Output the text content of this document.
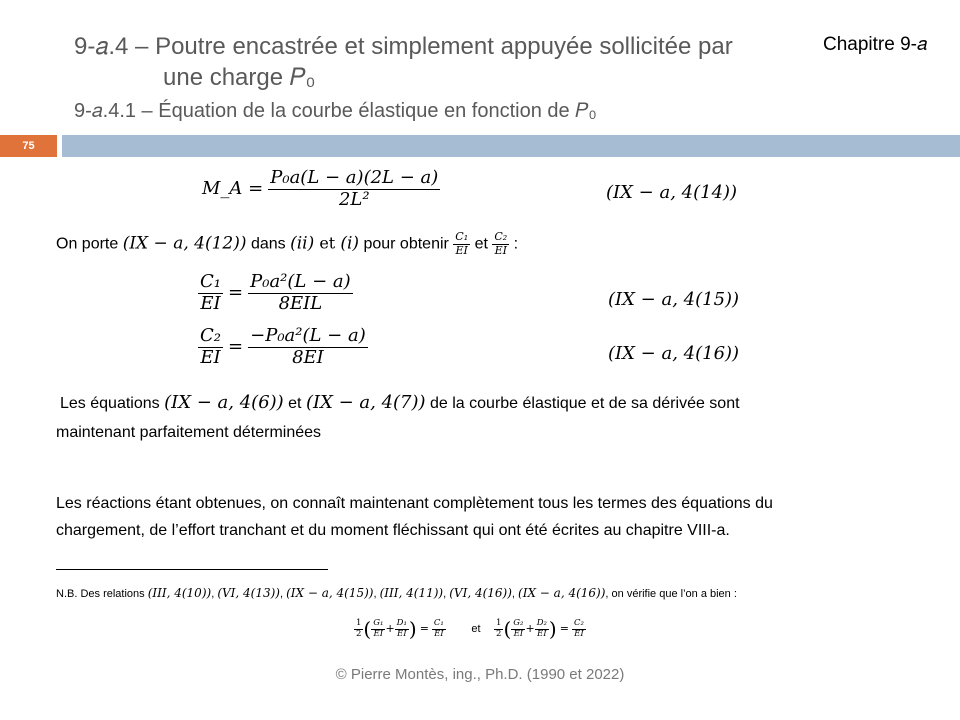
9-𝑎.4 – Poutre encastrée et simplement appuyée sollicitée par
une charge 𝑃₀
9-𝑎.4.1 – Équation de la courbe élastique en fonction de 𝑃₀
Chapitre 9-𝑎
75
M_A = $\frac{\text{P₀a(L − a)(2L − a)}}{\text{2L²}}$	(IX − a, 4(14))
On porte (IX − a, 4(12)) dans (ii) et (i) pour obtenir $\frac{\text{C₁}}{EI}$ et $\frac{\text{C₂}}{EI}$ :
$\frac{\text{C₁}}{EI} = \frac{\text{P₀a²(L − a)}}{\text{8EIL}}$	(IX − a, 4(15))
$\frac{\text{C₂}}{EI} = \frac{\text{−P₀a²(L − a)}}{8EI}$	(IX − a, 4(16))
Les équations (IX − a, 4(6)) et (IX − a, 4(7)) de la courbe élastique et de sa dérivée sont
maintenant parfaitement déterminées
Les réactions étant obtenues, on connaît maintenant complètement tous les termes des équations du
chargement, de l’effort tranchant et du moment fléchissant qui ont été écrites au chapitre VIII-a.
N.B. Des relations (III, 4(10)), (VI, 4(13)), (IX − a, 4(15)), (III, 4(11)), (VI, 4(16)), (IX − a, 4(16)), on vérifie que l’on a bien :
$\frac{1}{2}$ ( $\frac{\text{G₁}}{EI} + \frac{\text{D₁}}{EI}$ ) = $\frac{\text{C₁}}{EI}$ et $\frac{1}{2}$ ( $\frac{\text{G₂}}{EI} + \frac{\text{D₂}}{EI}$ ) = $\frac{\text{C₂}}{EI}$
© Pierre Montès, ing., Ph.D. (1990 et 2022)
